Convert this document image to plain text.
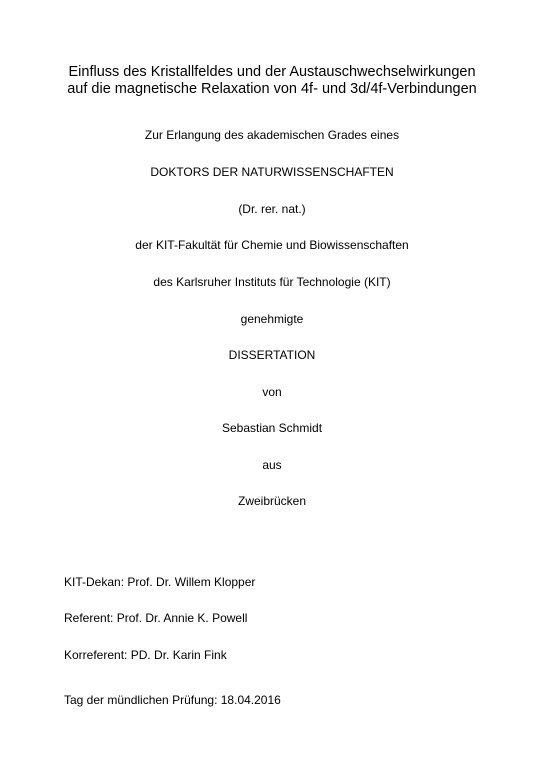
Einfluss des Kristallfeldes und der Austauschwechselwirkungen
auf die magnetische Relaxation von 4f- und 3d/4f-Verbindungen
Zur Erlangung des akademischen Grades eines
DOKTORS DER NATURWISSENSCHAFTEN
(Dr. rer. nat.)
der KIT-Fakultät für Chemie und Biowissenschaften
des Karlsruher Instituts für Technologie (KIT)
genehmigte
DISSERTATION
von
Sebastian Schmidt
aus
Zweibrücken
KIT-Dekan: Prof. Dr. Willem Klopper
Referent: Prof. Dr. Annie K. Powell
Korreferent: PD. Dr. Karin Fink
Tag der mündlichen Prüfung: 18.04.2016
